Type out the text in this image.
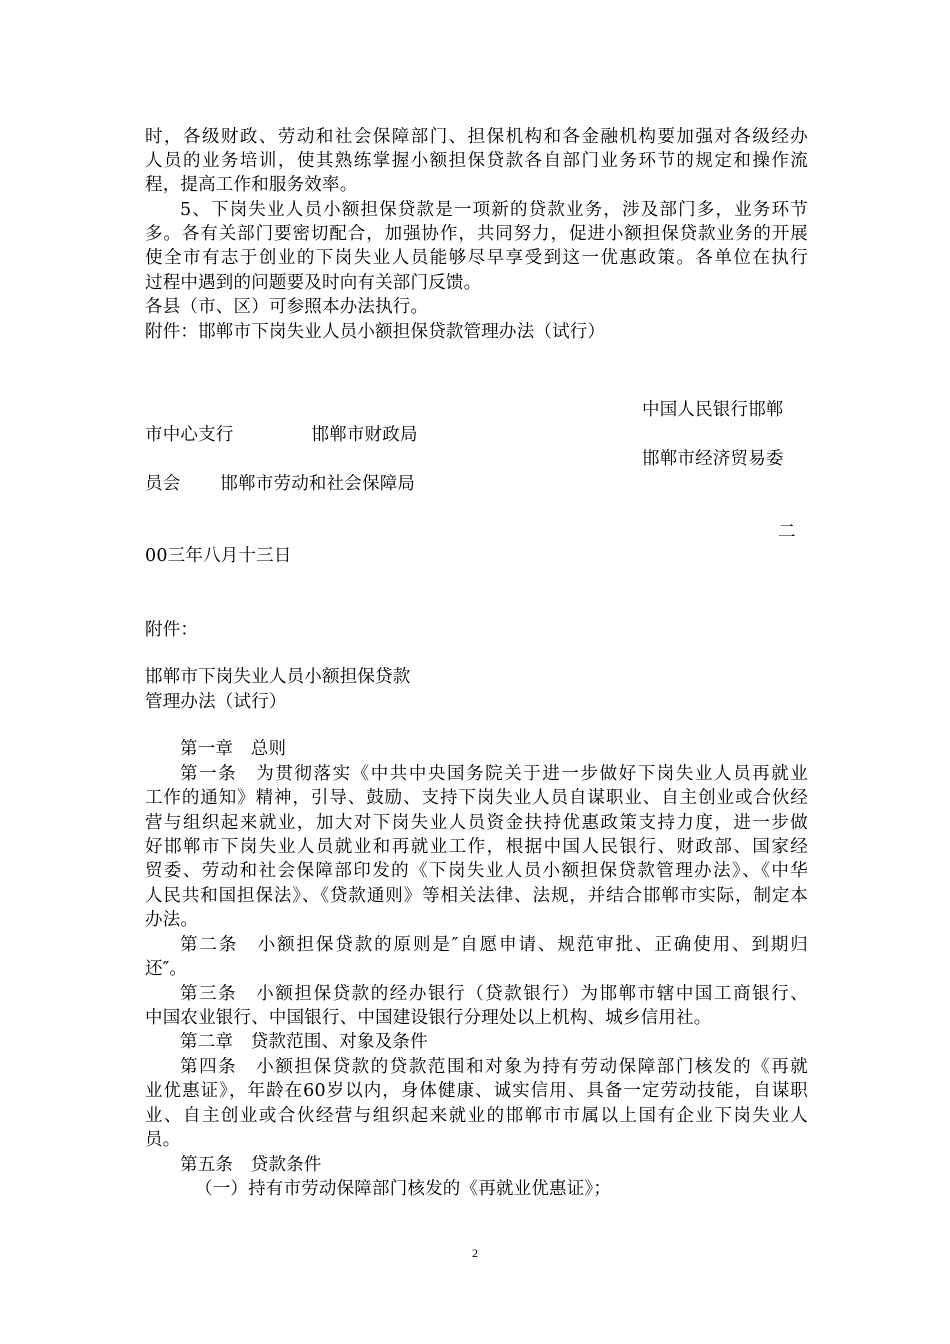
时，各级财政、劳动和社会保障部门、担保机构和各金融机构要加强对各级经办
人员的业务培训，使其熟练掌握小额担保贷款各自部门业务环节的规定和操作流
程，提高工作和服务效率。
5、下岗失业人员小额担保贷款是一项新的贷款业务，涉及部门多，业务环节
多。各有关部门要密切配合，加强协作，共同努力，促进小额担保贷款业务的开展
使全市有志于创业的下岗失业人员能够尽早享受到这一优惠政策。各单位在执行
过程中遇到的问题要及时向有关部门反馈。
各县（市、区）可参照本办法执行。
附件：邯郸市下岗失业人员小额担保贷款管理办法（试行）
中国人民银行邯郸
市中心支行	邯郸市财政局
邯郸市经济贸易委
员会 邯郸市劳动和社会保障局
二
00三年八月十三日
附件：
邯郸市下岗失业人员小额担保贷款
管理办法（试行）
第一章　总则
第一条　为贯彻落实《中共中央国务院关于进一步做好下岗失业人员再就业
工作的通知》精神，引导、鼓励、支持下岗失业人员自谋职业、自主创业或合伙经
营与组织起来就业，加大对下岗失业人员资金扶持优惠政策支持力度，进一步做
好邯郸市下岗失业人员就业和再就业工作，根据中国人民银行、财政部、国家经
贸委、劳动和社会保障部印发的《下岗失业人员小额担保贷款管理办法》、《中华
人民共和国担保法》、《贷款通则》等相关法律、法规，并结合邯郸市实际，制定本
办法。
第二条　小额担保贷款的原则是″自愿申请、规范审批、正确使用、到期归
还″。
第三条　小额担保贷款的经办银行（贷款银行）为邯郸市辖中国工商银行、
中国农业银行、中国银行、中国建设银行分理处以上机构、城乡信用社。
第二章　贷款范围、对象及条件
第四条　小额担保贷款的贷款范围和对象为持有劳动保障部门核发的《再就
业优惠证》，年龄在60岁以内，身体健康、诚实信用、具备一定劳动技能，自谋职
业、自主创业或合伙经营与组织起来就业的邯郸市市属以上国有企业下岗失业人
员。
第五条　贷款条件
（一）持有市劳动保障部门核发的《再就业优惠证》；
2
